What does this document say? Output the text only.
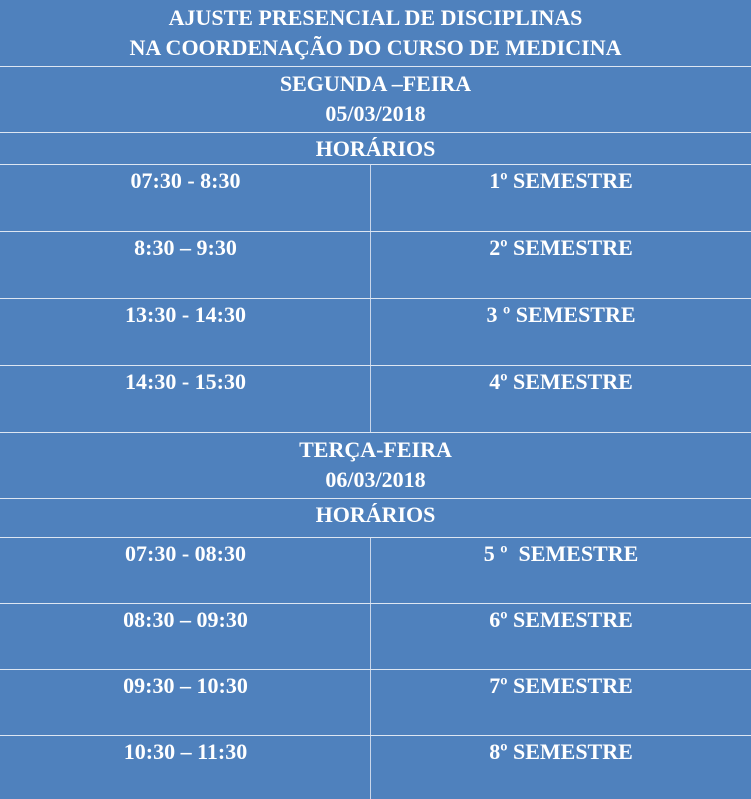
AJUSTE PRESENCIAL DE DISCIPLINAS
NA COORDENAÇÃO DO CURSO DE MEDICINA
SEGUNDA –FEIRA
05/03/2018
HORÁRIOS
07:30 - 8:30	1º SEMESTRE
8:30 – 9:30	2º SEMESTRE
13:30 - 14:30	3 º SEMESTRE
14:30 - 15:30	4º SEMESTRE
TERÇA-FEIRA
06/03/2018
HORÁRIOS
07:30 - 08:30	5 º  SEMESTRE
08:30 – 09:30	6º SEMESTRE
09:30 – 10:30	7º SEMESTRE
10:30 – 11:30	8º SEMESTRE
